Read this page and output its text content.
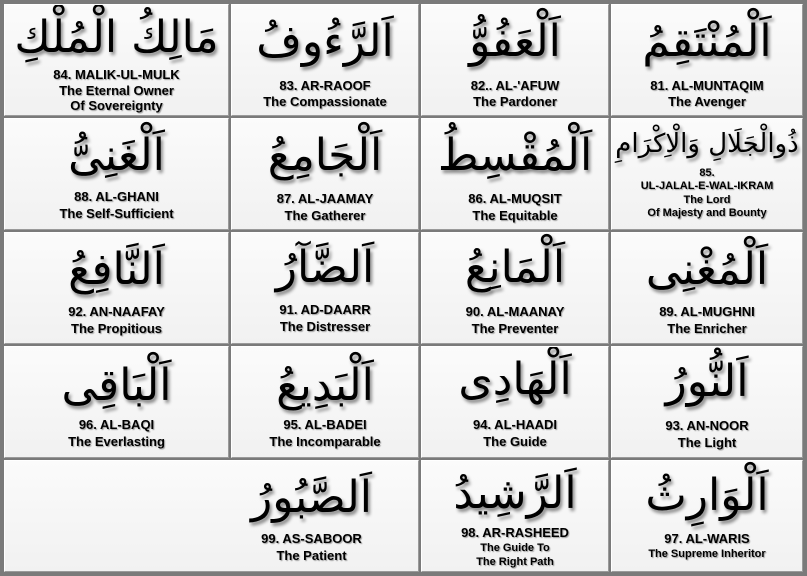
مَالِكُ الْمُلْكِ
84. MALIK-UL-MULK
The Eternal Owner
Of Sovereignty
اَلرَّءُوفُ
83. AR-RAOOF
The Compassionate
اَلْعَفُوُّ
82.. AL-'AFUW
The Pardoner
اَلْمُنْتَقِمُ
81. AL-MUNTAQIM
The Avenger
اَلْغَنِىُّ
88. AL-GHANI
The Self-Sufficient
اَلْجَامِعُ
87. AL-JAAMAY
The Gatherer
اَلْمُقْسِطُ
86. AL-MUQSIT
The Equitable
ذُوالْجَلَالِ وَالْاِكْرَامِ
85.
UL-JALAL-E-WAL-IKRAM
The Lord
Of Majesty and Bounty
اَلنَّافِعُ
92. AN-NAAFAY
The Propitious
اَلضَّآرُ
91. AD-DAARR
The Distresser
اَلْمَانِعُ
90. AL-MAANAY
The Preventer
اَلْمُغْنِى
89. AL-MUGHNI
The Enricher
اَلْبَاقِى
96. AL-BAQI
The Everlasting
اَلْبَدِيعُ
95. AL-BADEI
The Incomparable
اَلْهَادِى
94. AL-HAADI
The Guide
اَلنُّورُ
93. AN-NOOR
The Light
اَلصَّبُورُ
99. AS-SABOOR
The Patient
اَلرَّشِيدُ
98. AR-RASHEED
The Guide To
The Right Path
اَلْوَارِثُ
97. AL-WARIS
The Supreme Inheritor
